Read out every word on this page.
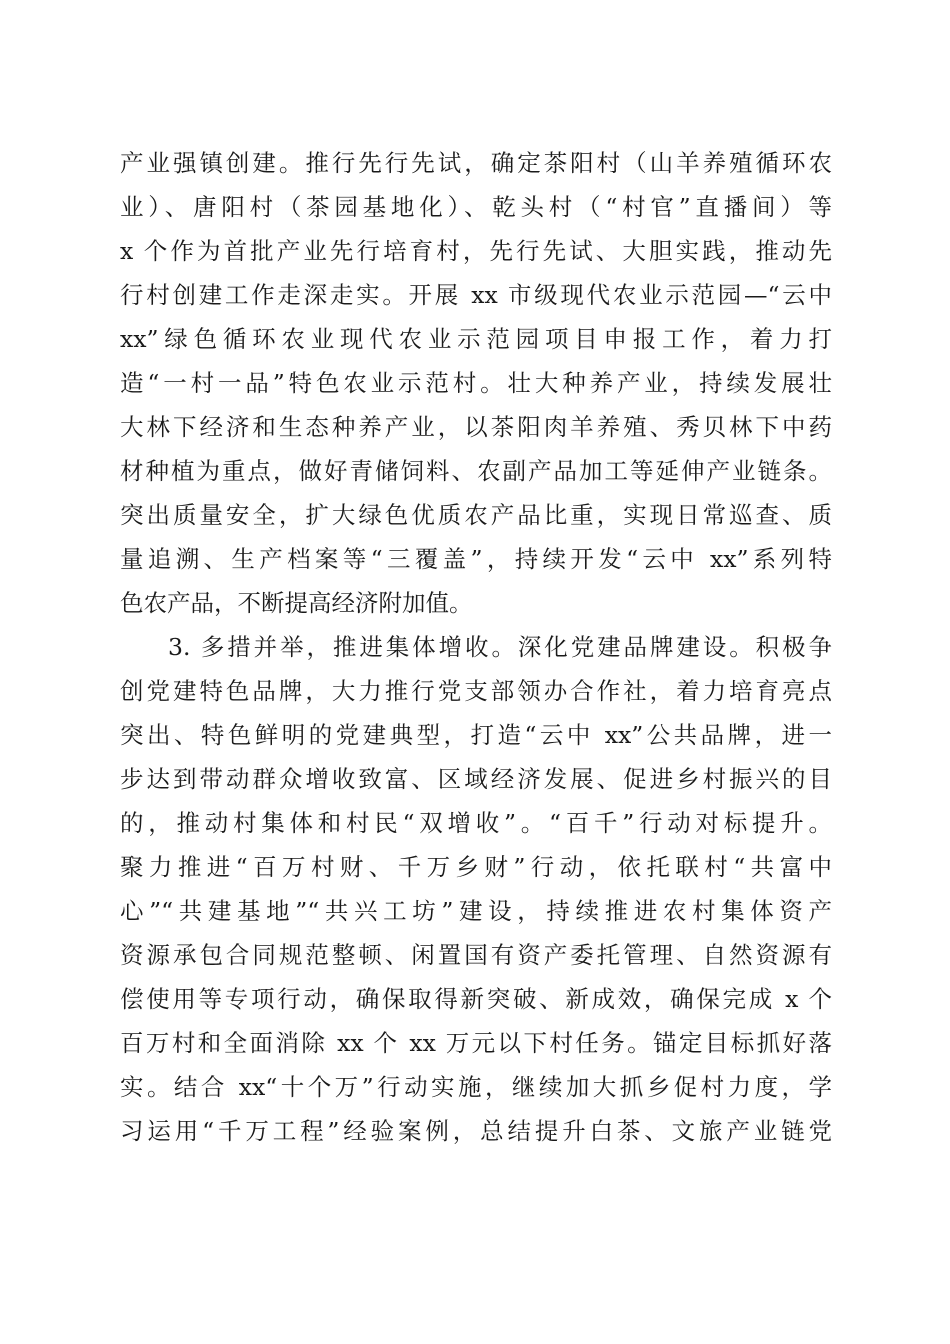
产业强镇创建。推行先行先试，确定茶阳村（山羊养殖循环农
业）、唐阳村（茶园基地化）、乾头村（“村官”直播间）等
x 个作为首批产业先行培育村，先行先试、大胆实践，推动先
行村创建工作走深走实。开展 xx 市级现代农业示范园—“云中
xx”绿色循环农业现代农业示范园项目申报工作，着力打
造“一村一品”特色农业示范村。壮大种养产业，持续发展壮
大林下经济和生态种养产业，以茶阳肉羊养殖、秀贝林下中药
材种植为重点，做好青储饲料、农副产品加工等延伸产业链条。
突出质量安全，扩大绿色优质农产品比重，实现日常巡查、质
量追溯、生产档案等“三覆盖”，持续开发“云中 xx”系列特
色农产品，不断提高经济附加值。
3. 多措并举，推进集体增收。深化党建品牌建设。积极争
创党建特色品牌，大力推行党支部领办合作社，着力培育亮点
突出、特色鲜明的党建典型，打造“云中 xx”公共品牌，进一
步达到带动群众增收致富、区域经济发展、促进乡村振兴的目
的，推动村集体和村民“双增收”。“百千”行动对标提升。
聚力推进“百万村财、千万乡财”行动，依托联村“共富中
心”“共建基地”“共兴工坊”建设，持续推进农村集体资产
资源承包合同规范整顿、闲置国有资产委托管理、自然资源有
偿使用等专项行动，确保取得新突破、新成效，确保完成 x 个
百万村和全面消除 xx 个 xx 万元以下村任务。锚定目标抓好落
实。结合 xx“十个万”行动实施，继续加大抓乡促村力度，学
习运用“千万工程”经验案例，总结提升白茶、文旅产业链党
